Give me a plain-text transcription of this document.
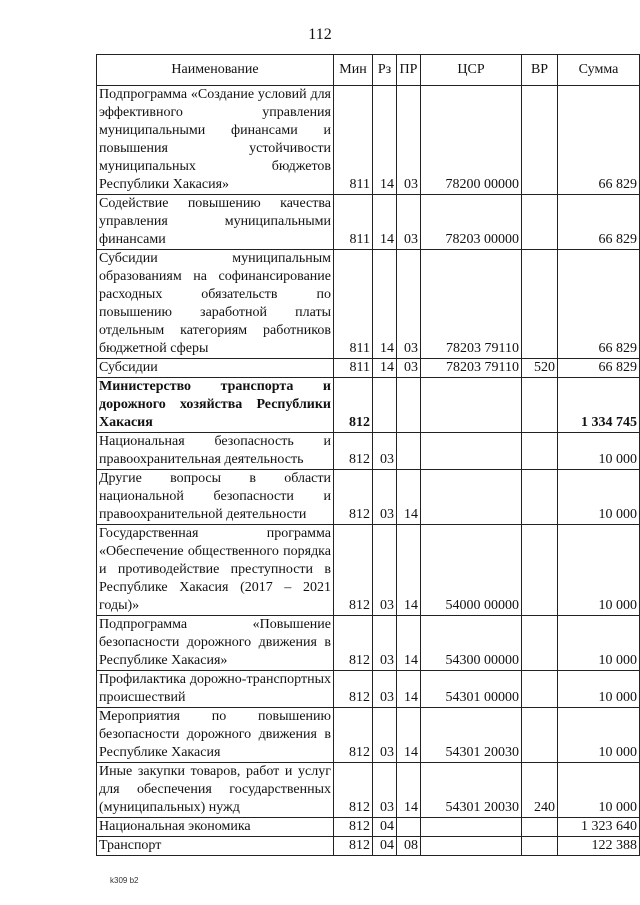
112
Наименование	Мин	Рз	ПР	ЦСР	ВР	Сумма
Подпрограмма «Создание условий для эффективного управления муниципальными финансами и повышения устойчивости муниципальных бюджетов Республики Хакасия»	811	14	03	78200 00000		66 829
Содействие повышению качества управления муниципальными финансами	811	14	03	78203 00000		66 829
Субсидии муниципальным образованиям на софинансирование расходных обязательств по повышению заработной платы отдельным категориям работников бюджетной сферы	811	14	03	78203 79110		66 829
Субсидии	811	14	03	78203 79110	520	66 829
Министерство транспорта и дорожного хозяйства Республики Хакасия	812					1 334 745
Национальная безопасность и правоохранительная деятельность	812	03				10 000
Другие вопросы в области национальной безопасности и правоохранительной деятельности	812	03	14			10 000
Государственная программа «Обеспечение общественного порядка и противодействие преступности в Республике Хакасия (2017 – 2021 годы)»	812	03	14	54000 00000		10 000
Подпрограмма «Повышение безопасности дорожного движения в Республике Хакасия»	812	03	14	54300 00000		10 000
Профилактика дорожно-транспортных происшествий	812	03	14	54301 00000		10 000
Мероприятия по повышению безопасности дорожного движения в Республике Хакасия	812	03	14	54301 20030		10 000
Иные закупки товаров, работ и услуг для обеспечения государственных (муниципальных) нужд	812	03	14	54301 20030	240	10 000
Национальная экономика	812	04				1 323 640
Транспорт	812	04	08			122 388
k309 b2
